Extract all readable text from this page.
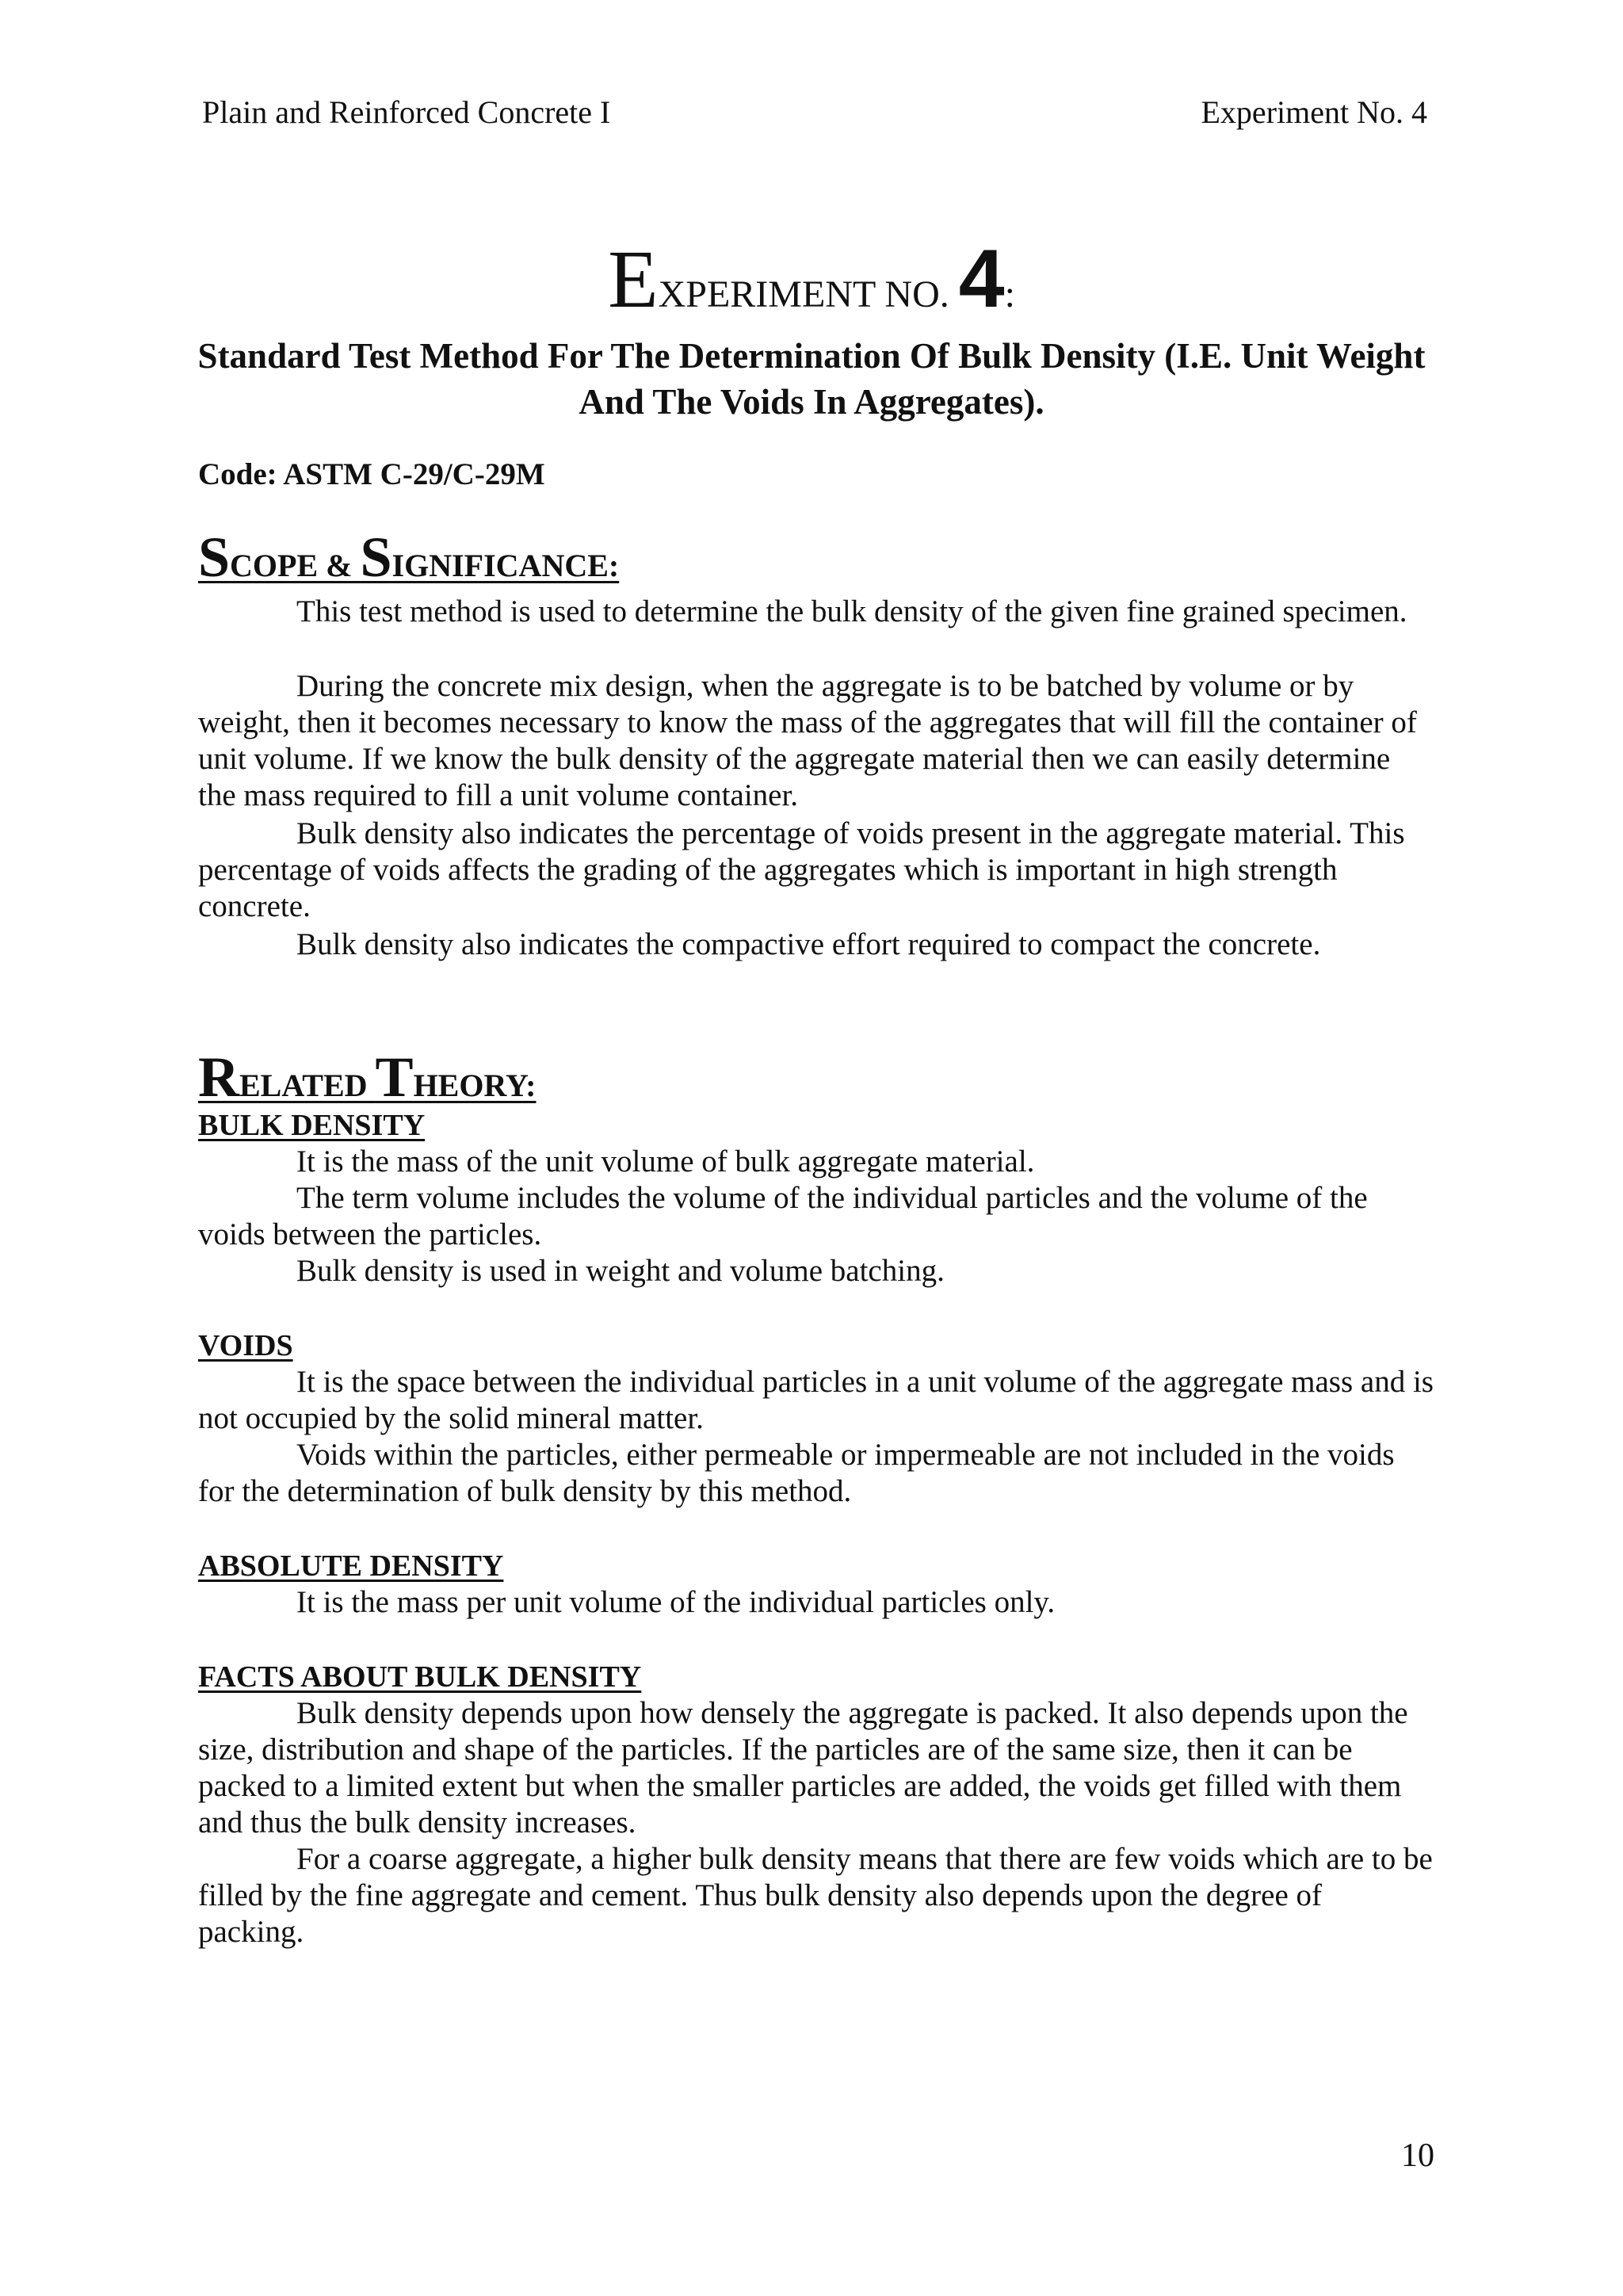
Plain and Reinforced Concrete I	Experiment No. 4
EXPERIMENT NO. 4:
Standard Test Method For The Determination Of Bulk Density (I.E. Unit Weight And The Voids In Aggregates).
Code: ASTM C-29/C-29M
SCOPE & SIGNIFICANCE:

This test method is used to determine the bulk density of the given fine grained specimen.

During the concrete mix design, when the aggregate is to be batched by volume or by weight, then it becomes necessary to know the mass of the aggregates that will fill the container of unit volume. If we know the bulk density of the aggregate material then we can easily determine the mass required to fill a unit volume container.

Bulk density also indicates the percentage of voids present in the aggregate material. This percentage of voids affects the grading of the aggregates which is important in high strength concrete.

Bulk density also indicates the compactive effort required to compact the concrete.

RELATED THEORY:
BULK DENSITY

It is the mass of the unit volume of bulk aggregate material.

The term volume includes the volume of the individual particles and the volume of the voids between the particles.

Bulk density is used in weight and volume batching.

VOIDS

It is the space between the individual particles in a unit volume of the aggregate mass and is not occupied by the solid mineral matter.

Voids within the particles, either permeable or impermeable are not included in the voids for the determination of bulk density by this method.

ABSOLUTE DENSITY

It is the mass per unit volume of the individual particles only.

FACTS ABOUT BULK DENSITY

Bulk density depends upon how densely the aggregate is packed. It also depends upon the size, distribution and shape of the particles. If the particles are of the same size, then it can be packed to a limited extent but when the smaller particles are added, the voids get filled with them and thus the bulk density increases.

For a coarse aggregate, a higher bulk density means that there are few voids which are to be filled by the fine aggregate and cement. Thus bulk density also depends upon the degree of packing.

10
